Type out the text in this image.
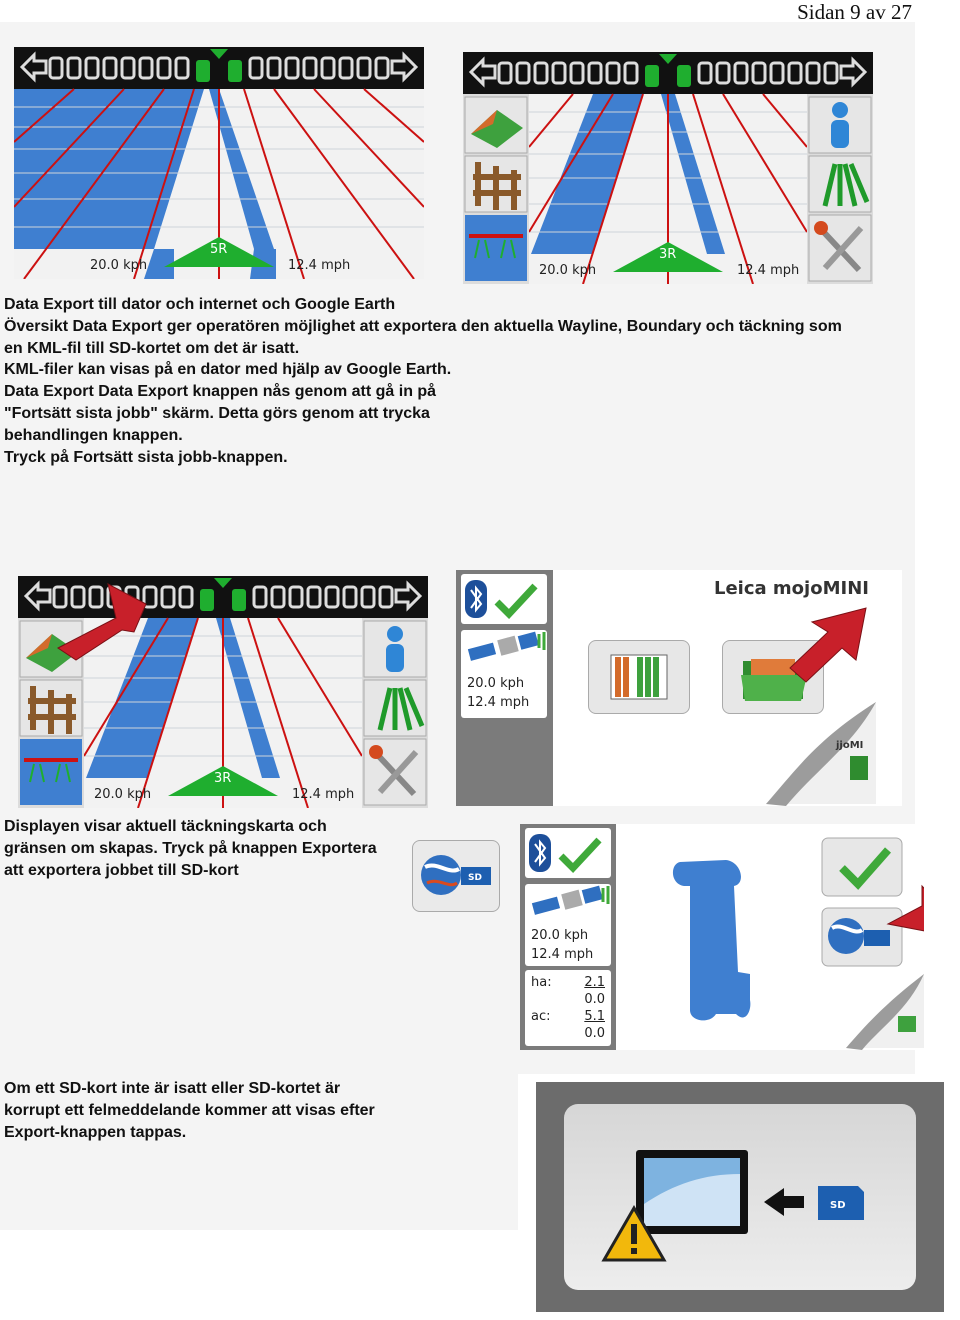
Sidan 9 av 27
5R
20.0 kph	12.4 mph
3R
20.0 kph	12.4 mph
Data Export till dator och internet och Google Earth
Översikt Data Export ger operatören möjlighet att exportera den aktuella Wayline, Boundary och täckning som
en KML-fil till SD-kortet om det är isatt.
KML-filer kan visas på en dator med hjälp av Google Earth.
Data Export Data Export knappen nås genom att gå in på
"Fortsätt sista jobb" skärm. Detta görs genom att trycka
behandlingen knappen.
Tryck på Fortsätt sista jobb-knappen.
3R
20.0 kph	12.4 mph
20.0 kph
12.4 mph
Leica mojoMINI
jjoMI
Displayen visar aktuell täckningskarta och
gränsen om skapas. Tryck på knappen Exportera
att exportera jobbet till SD-kort	SD
20.0 kph
12.4 mph
ha:	2.1
0.0
ac:	5.1
0.0
Om ett SD-kort inte är isatt eller SD-kortet är
korrupt ett felmeddelande kommer att visas efter
Export-knappen tappas.
SD
